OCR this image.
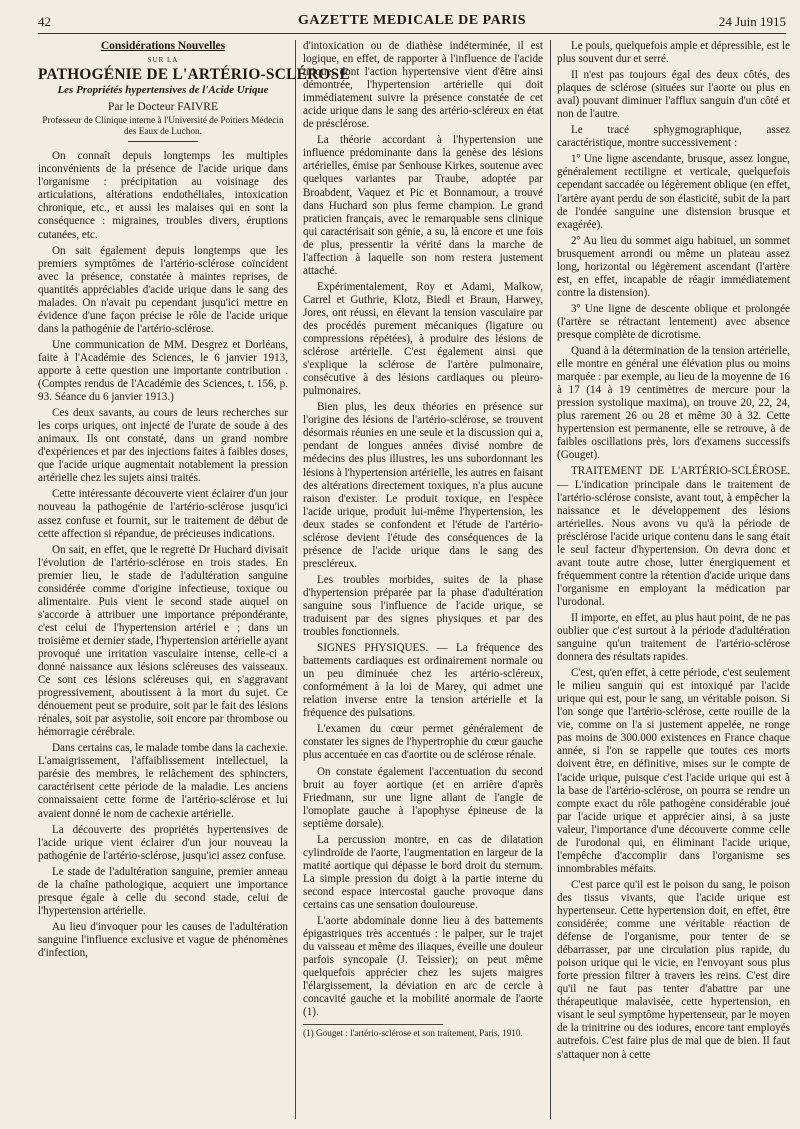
42	GAZETTE MEDICALE DE PARIS	24 Juin 1915
Considérations Nouvelles
SUR LA
PATHOGÉNIE DE L'ARTÉRIO-SCLÉROSE
Les Propriétés hypertensives de l'Acide Urique
Par le Docteur FAIVRE
Professeur de Clinique interne à l'Université de Poitiers Médecin des Eaux de Luchon.

On connaît depuis longtemps les multiples inconvénients de la présence de l'acide urique dans l'organisme : précipitation au voisinage des articulations, altérations endothéliales, intoxication chronique, etc., et aussi les malaises qui en sont la conséquence : migraines, troubles divers, éruptions cutanées, etc.

On sait également depuis longtemps que les premiers symptômes de l'artério-sclérose coïncident avec la présence, constatée à maintes reprises, de quantités appréciables d'acide urique dans le sang des malades. On n'avait pu cependant jusqu'ici mettre en évidence d'une façon précise le rôle de l'acide urique dans la pathogénie de l'artério-sclérose.

Une communication de MM. Desgrez et Dorléans, faite à l'Académie des Sciences, le 6 janvier 1913, apporte à cette question une importante contribution .(Comptes rendus de l'Académie des Sciences, t. 156, p. 93. Séance du 6 janvier 1913.)

Ces deux savants, au cours de leurs recherches sur les corps uriques, ont injecté de l'urate de soude à des animaux. Ils ont constaté, dans un grand nombre d'expériences et par des injections faites à faibles doses, que l'acide urique augmentait notablement la pression artérielle chez les sujets ainsi traités.

Cette intéressante découverte vient éclairer d'un jour nouveau la pathogénie de l'artério-sclérose jusqu'ici assez confuse et fournit, sur le traitement de début de cette affection si répandue, de précieuses indications.

On sait, en effet, que le regretté Dr Huchard divisait l'évolution de l'artério-sclérose en trois stades. En premier lieu, le stade de l'adultération sanguine considérée comme d'origine infectieuse, toxique ou alimentaire. Puis vient le second stade auquel on s'accorde à attribuer une importance prépondérante, c'est celui de l'hypertension artériel e ; dans un troisième et dernier stade, l'hypertension artérielle ayant provoqué une irritation vasculaire intense, celle-ci a donné naissance aux lésions scléreuses des vaisseaux. Ce sont ces lésions scléreuses qui, en s'aggravant progressivement, aboutissent à la mort du sujet. Ce dénouement peut se produire, soit par le fait des lésions rénales, soit par asystolie, soit encore par thrombose ou hémorragie cérébrale.

Dans certains cas, le malade tombe dans la cachexie. L'amaigrissement, l'affaiblissement intellectuel, la parésie des membres, le relâchement des sphincters, caractérisent cette période de la maladie. Les anciens connaissaient cette forme de l'artério-sclérose et lui avaient donné le nom de cachexie artérielle.

La découverte des propriétés hypertensives de l'acide urique vient éclairer d'un jour nouveau la pathogénie de l'artério-sclérose, jusqu'ici assez confuse.

Le stade de l'adultération sanguine, premier anneau de la chaîne pathologique, acquiert une importance presque égale à celle du second stade, celui de l'hypertension artérielle.

Au lieu d'invoquer pour les causes de l'adultération sanguine l'influence exclusive et vague de phénomènes d'infection,

d'intoxication ou de diathèse indéterminée, il est logique, en effet, de rapporter à l'influence de l'acide urique, dont l'action hypertensive vient d'être ainsi démontrée, l'hypertension artérielle qui doit immédiatement suivre la présence constatée de cet acide urique dans le sang des artério-scléreux en état de présclérose.

La théorie accordant à l'hypertension une influence prédominante dans la genèse des lésions artérielles, émise par Senhouse Kirkes, soutenue avec quelques variantes par Traube, adoptée par Broabdent, Vaquez et Pic et Bonnamour, a trouvé dans Huchard son plus ferme champion. Le grand praticien français, avec le remarquable sens clinique qui caractérisait son génie, a su, là encore et une fois de plus, pressentir la vérité dans la marche de l'affection à laquelle son nom restera justement attaché.

Expérimentalement, Roy et Adami, Malkow, Carrel et Guthrie, Klotz, Biedl et Braun, Harwey, Jores, ont réussi, en élevant la tension vasculaire par des procédés purement mécaniques (ligature ou compressions répétées), à produire des lésions de sclérose artérielle. C'est également ainsi que s'explique la sclérose de l'artère pulmonaire, consécutive à des lésions cardiaques ou pleuro-pulmonaires.

Bien plus, les deux théories en présence sur l'origine des lésions de l'artério-sclérose, se trouvent désormais réunies en une seule et la discussion qui a, pendant de longues années divisé nombre de médecins des plus illustres, les uns subordonnant les lésions à l'hypertension artérielle, les autres en faisant des altérations directement toxiques, n'a plus aucune raison d'exister. Le produit toxique, en l'espèce l'acide urique, produit lui-même l'hypertension, les deux stades se confondent et l'étude de l'artério-sclérose devient l'étude des conséquences de la présence de l'acide urique dans le sang des prescléreux.

Les troubles morbides, suites de la phase d'hypertension préparée par la phase d'adultération sanguine sous l'influence de l'acide urique, se traduisent par des signes physiques et par des troubles fonctionnels.

SIGNES PHYSIQUES. — La fréquence des battements cardiaques est ordinairement normale ou un peu diminuée chez les artério-scléreux, conformément à la loi de Marey, qui admet une relation inverse entre la tension artérielle et la fréquence des pulsations.

L'examen du cœur permet généralement de constater les signes de l'hypertrophie du cœur gauche plus accentuée en cas d'aortite ou de sclérose rénale.

On constate également l'accentuation du second bruit au foyer aortique (et en arrière d'après Friedmann, sur une ligne allant de l'angle de l'omoplate gauche à l'apophyse épineuse de la septième dorsale).

La percussion montre, en cas de dilatation cylindroïde de l'aorte, l'augmentation en largeur de la matité aortique qui dépasse le bord droit du sternum. La simple pression du doigt à la partie interne du second espace intercostal gauche provoque dans certains cas une sensation douloureuse.

L'aorte abdominale donne lieu à des battements épigastriques très accentués : le palper, sur le trajet du vaisseau et même des iliaques, éveille une douleur parfois syncopale (J. Teissier); on peut même quelquefois apprécier chez les sujets maigres l'élargissement, la déviation en arc de cercle à concavité gauche et la mobilité anormale de l'aorte (1).

(1) Gouget : l'artério-sclérose et son traitement, Paris, 1910.

Le pouls, quelquefois ample et dépressible, est le plus souvent dur et serré.

Il n'est pas toujours égal des deux côtés, des plaques de sclérose (situées sur l'aorte ou plus en aval) pouvant diminuer l'afflux sanguin d'un côté et non de l'autre.

Le tracé sphygmographique, assez caractéristique, montre successivement :

1º Une ligne ascendante, brusque, assez longue, généralement rectiligne et verticale, quelquefois cependant saccadée ou légèrement oblique (en effet, l'artère ayant perdu de son élasticité, subit de la part de l'ondée sanguine une distension brusque et exagérée).

2º Au lieu du sommet aigu habituel, un sommet brusquement arrondi ou même un plateau assez long, horizontal ou légèrement ascendant (l'artère est, en effet, incapable de réagir immédiatement contre la distension).

3º Une ligne de descente oblique et prolongée (l'artère se rétractant lentement) avec absence presque complète de dicrotisme.

Quand à la détermination de la tension artérielle, elle montre en général une élévation plus ou moins marquée : par exemple, au lieu de la moyenne de 16 à 17 (14 à 19 centimètres de mercure pour la pression systolique maxima), on trouve 20, 22, 24, plus rarement 26 ou 28 et même 30 à 32. Cette hypertension est permanente, elle se retrouve, à de faibles oscillations près, lors d'examens successifs (Gouget).

TRAITEMENT DE L'ARTÉRIO-SCLÉROSE. — L'indication principale dans le traitement de l'artério-sclérose consiste, avant tout, à empêcher la naissance et le développement des lésions artérielles. Nous avons vu qu'à la période de présclérose l'acide urique contenu dans le sang était le seul facteur d'hypertension. On devra donc et avant toute autre chose, lutter énergiquement et fréquemment contre la rétention d'acide urique dans l'organisme en employant la médication par l'urodonal.

Il importe, en effet, au plus haut point, de ne pas oublier que c'est surtout à la période d'adultération sanguine qu'un traitement de l'artério-sclérose donnera des résultats rapides.

C'est, qu'en effet, à cette période, c'est seulement le milieu sanguin qui est intoxiqué par l'acide urique qui est, pour le sang, un véritable poison. Si l'on songe que l'artério-sclérose, cette rouille de la vie, comme on l'a si justement appelée, ne ronge pas moins de 300.000 existences en France chaque année, si l'on se rappelle que toutes ces morts doivent être, en définitive, mises sur le compte de l'acide urique, puisque c'est l'acide urique qui est à la base de l'artério-sclérose, on pourra se rendre un compte exact du rôle pathogène considérable joué par l'acide urique et apprécier ainsi, à sa juste valeur, l'importance d'une découverte comme celle de l'urodonal qui, en éliminant l'acide urique, l'empêche d'accomplir dans l'organisme ses innombrables méfaits.

C'est parce qu'il est le poison du sang, le poison des tissus vivants, que l'acide urique est hypertenseur. Cette hypertension doit, en effet, être considérée, comme une véritable réaction de défense de l'organisme, pour tenter de se débarrasser, par une circulation plus rapide, du poison urique qui le vicie, en l'envoyant sous plus forte pression filtrer à travers les reins. C'est dire qu'il ne faut pas tenter d'abattre par une thérapeutique malavisée, cette hypertension, en visant le seul symptôme hypertenseur, par le moyen de la trinitrine ou des iodures, encore tant employés autrefois. C'est faire plus de mal que de bien. Il faut s'attaquer non à cette
